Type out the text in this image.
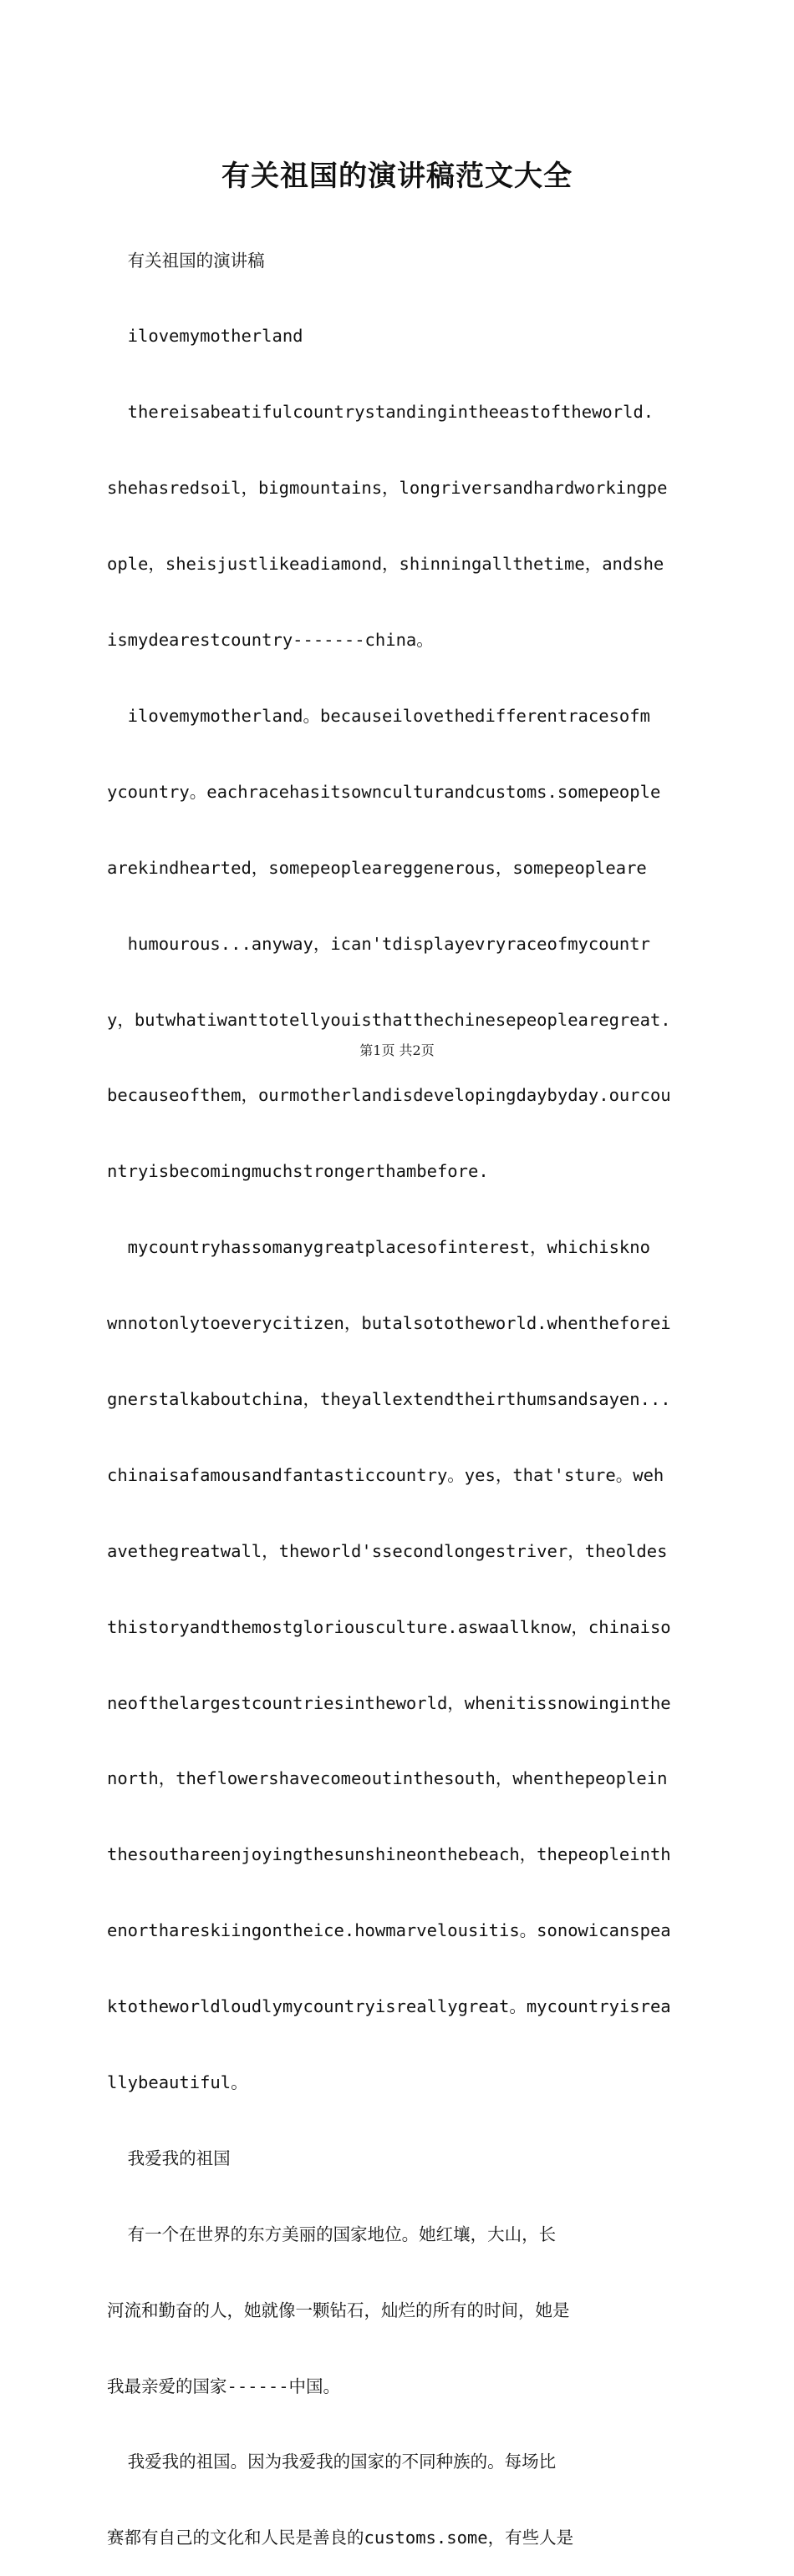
有关祖国的演讲稿范文大全

有关祖国的演讲稿

ilovemymotherland

thereisabeatifulcountrystandingintheeastoftheworld.

shehasredsoil，bigmountains，longriversandhardworkingpe

ople，sheisjustlikeadiamond，shinningallthetime，andshe

ismydearestcountry-------china。

ilovemymotherland。becauseilovethedifferentracesofm

ycountry。eachracehasitsownculturandcustoms.somepeople

arekindhearted，somepeopleareggenerous，somepeopleare

humourous...anyway，ican'tdisplayevryraceofmycountr

y，butwhatiwanttotellyouisthatthechinesepeoplearegreat.

becauseofthem，ourmotherlandisdevelopingdaybyday.ourcou

ntryisbecomingmuchstrongerthambefore.

mycountryhassomanygreatplacesofinterest，whichiskno

wnnotonlytoeverycitizen，butalsototheworld.whentheforei

gnerstalkaboutchina，theyallextendtheirthumsandsayen...

chinaisafamousandfantasticcountry。yes，that'sture。weh

avethegreatwall，theworld'ssecondlongestriver，theoldes

thistoryandthemostgloriousculture.aswaallknow，chinaiso

neofthelargestcountriesintheworld，whenitissnowinginthe

north，theflowershavecomeoutinthesouth，whenthepeoplein

thesouthareenjoyingthesunshineonthebeach，thepeopleinth

enorthareskiingontheice.howmarvelousitis。sonowicanspea

ktotheworldloudlymycountryisreallygreat。mycountryisrea

llybeautiful。

我爱我的祖国

有一个在世界的东方美丽的国家地位。她红壤，大山，长

河流和勤奋的人，她就像一颗钻石，灿烂的所有的时间，她是

我最亲爱的国家------中国。

我爱我的祖国。因为我爱我的国家的不同种族的。每场比

赛都有自己的文化和人民是善良的customs.some，有些人是

第1页 共2页
